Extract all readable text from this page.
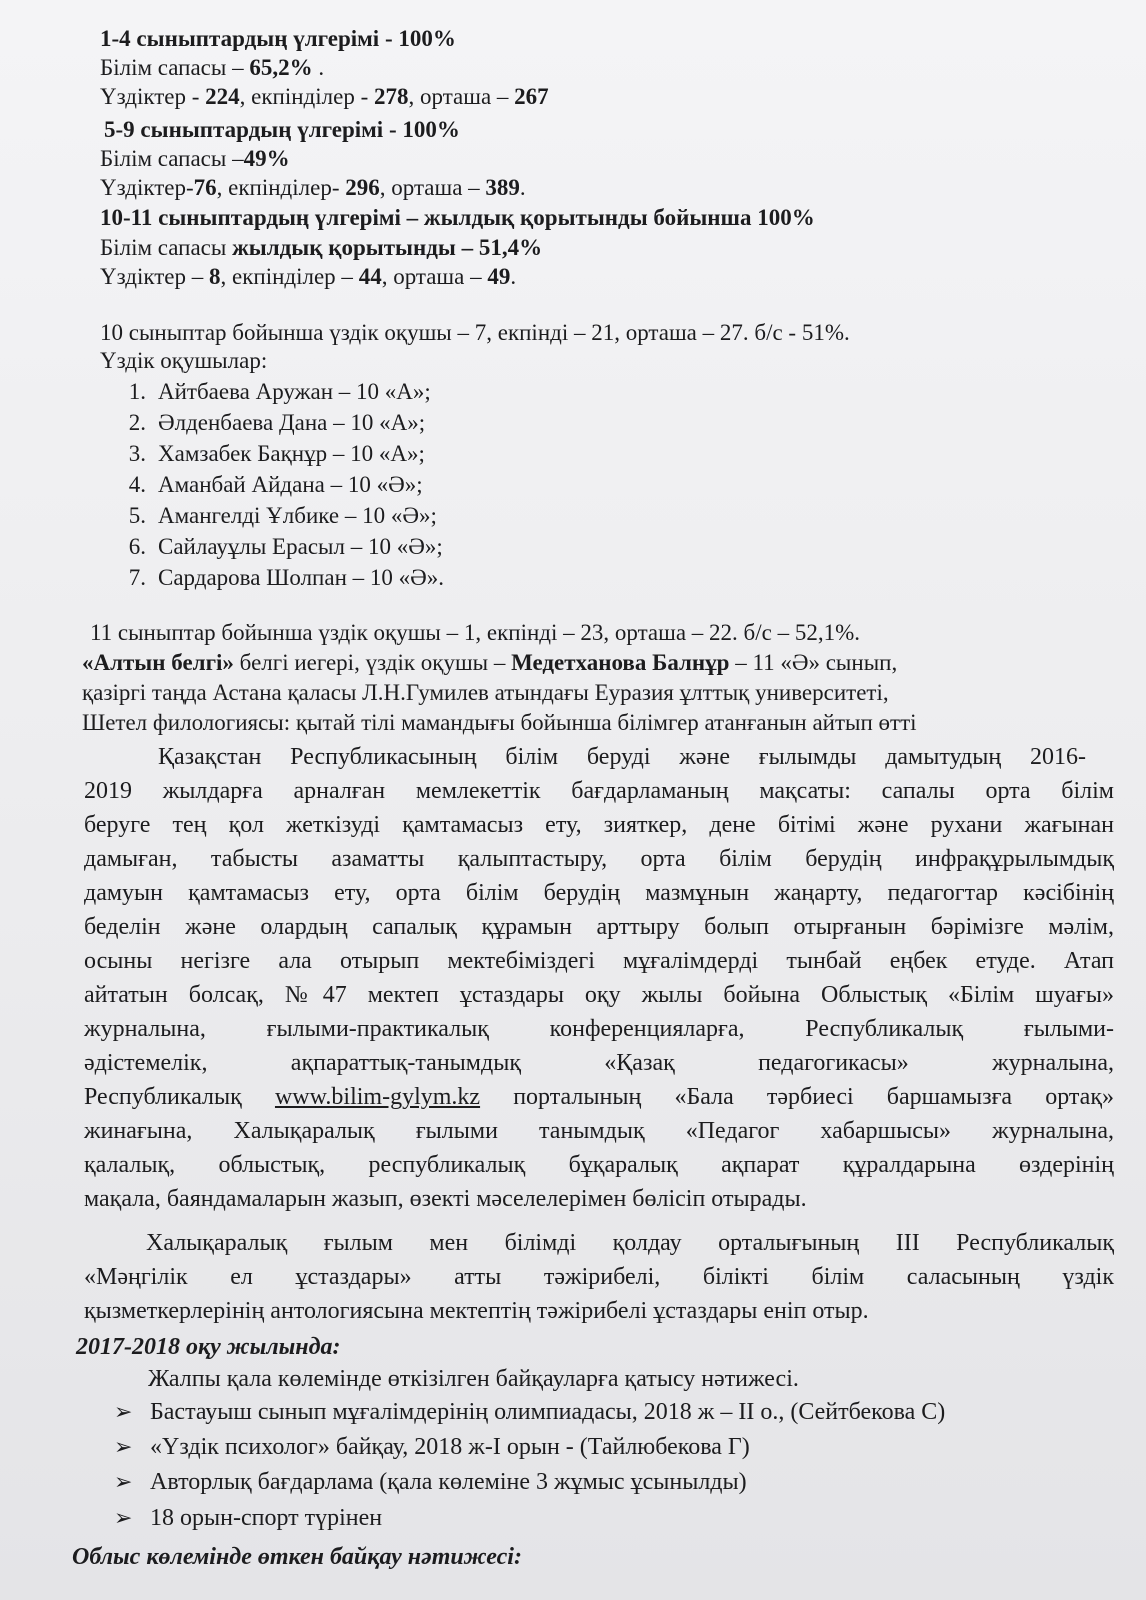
1-4 сыныптардың үлгерімі - 100%
Білім сапасы – 65,2% .
Үздіктер - 224, екпінділер - 278, орташа – 267
5-9 сыныптардың үлгерімі - 100%
Білім сапасы –49%
Үздіктер-76, екпінділер- 296, орташа – 389.
10-11 сыныптардың үлгерімі – жылдық қорытынды бойынша 100%
Білім сапасы жылдық қорытынды – 51,4%
Үздіктер – 8, екпінділер – 44, орташа – 49.
10 сыныптар бойынша үздік оқушы – 7, екпінді – 21, орташа – 27. б/с - 51%.
Үздік оқушылар:
1. Айтбаева Аружан – 10 «А»;
2. Әлденбаева Дана – 10 «А»;
3. Хамзабек Бақнұр – 10 «А»;
4. Аманбай Айдана – 10 «Ә»;
5. Амангелді Ұлбике – 10 «Ә»;
6. Сайлауұлы Ерасыл – 10 «Ә»;
7. Сардарова Шолпан – 10 «Ә».
11 сыныптар бойынша үздік оқушы – 1, екпінді – 23, орташа – 22. б/с – 52,1%.
«Алтын белгі» белгі иегері, үздік оқушы – Медетханова Балнұр – 11 «Ә» сынып,
қазіргі таңда Астана қаласы Л.Н.Гумилев атындағы Еуразия ұлттық университеті,
Шетел филологиясы: қытай тілі мамандығы бойынша білімгер атанғанын айтып өтті
Қазақстан Республикасының білім беруді және ғылымды дамытудың 2016-
2019 жылдарға арналған мемлекеттік бағдарламаның мақсаты: сапалы орта білім
беруге тең қол жеткізуді қамтамасыз ету, зияткер, дене бітімі және рухани жағынан
дамыған, табысты азаматты қалыптастыру, орта білім берудің инфрақұрылымдық
дамуын қамтамасыз ету, орта білім берудің мазмұнын жаңарту, педагогтар кәсібінің
беделін және олардың сапалық құрамын арттыру болып отырғанын бәрімізге мәлім,
осыны негізге ала отырып мектебіміздегі мұғалімдерді тынбай еңбек етуде. Атап
айтатын болсақ, №47 мектеп ұстаздары оқу жылы бойына Облыстық «Білім шуағы»
журналына, ғылыми-практикалық конференцияларға, Республикалық ғылыми-
әдістемелік, ақпараттық-танымдық «Қазақ педагогикасы» журналына,
Республикалық www.bilim-gylym.kz порталының «Бала тәрбиесі баршамызға ортақ»
жинағына, Халықаралық ғылыми танымдық «Педагог хабаршысы» журналына,
қалалық, облыстық, республикалық бұқаралық ақпарат құралдарына өздерінің
мақала, баяндамаларын жазып, өзекті мәселелерімен бөлісіп отырады.
Халықаралық ғылым мен білімді қолдау орталығының ІІІ Республикалық
«Мәңгілік ел ұстаздары» атты тәжірибелі, білікті білім саласының үздік
қызметкерлерінің антологиясына мектептің тәжірибелі ұстаздары еніп отыр.
2017-2018 оқу жылында:
Жалпы қала көлемінде өткізілген байқауларға қатысу нәтижесі.
➢ Бастауыш сынып мұғалімдерінің олимпиадасы, 2018 ж – ІІ о., (Сейтбекова С)
➢ «Үздік психолог» байқау, 2018 ж-І орын - (Тайлюбекова Г)
➢ Авторлық бағдарлама (қала көлеміне 3 жұмыс ұсынылды)
➢ 18 орын-спорт түрінен
Облыс көлемінде өткен байқау нәтижесі:
